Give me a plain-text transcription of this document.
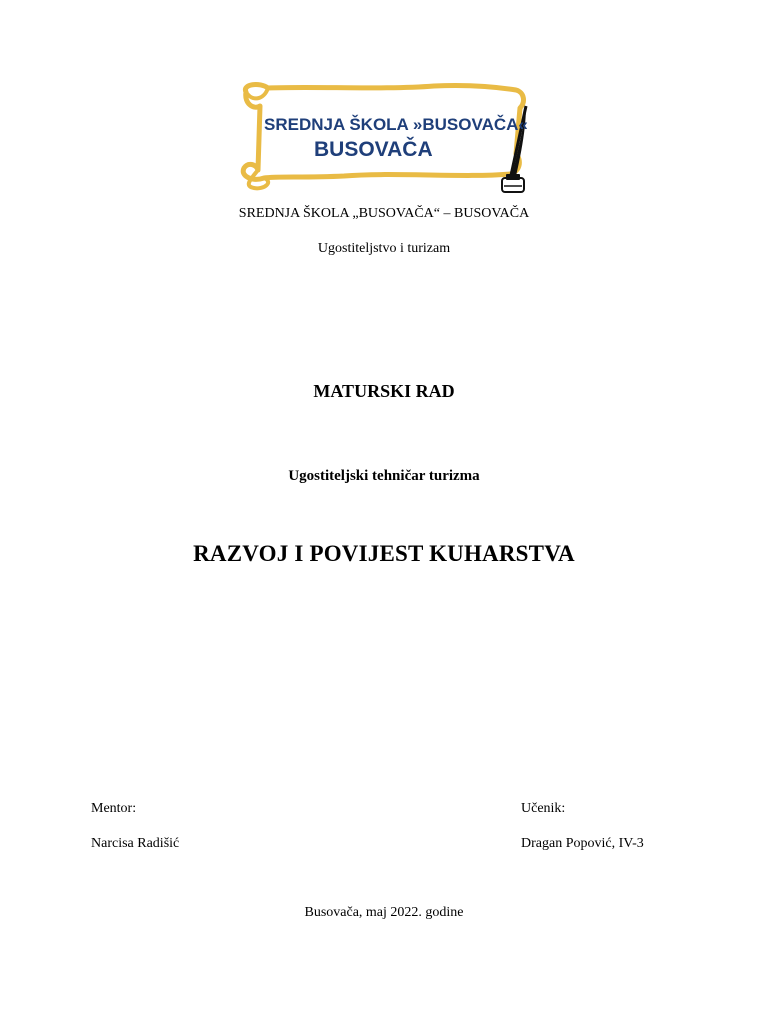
SREDNJA ŠKOLA »BUSOVAČA«
BUSOVAČA
SREDNJA ŠKOLA „BUSOVAČA“ – BUSOVAČA
Ugostiteljstvo i turizam
MATURSKI RAD
Ugostiteljski tehničar turizma
RAZVOJ I POVIJEST KUHARSTVA
Mentor:	Učenik:
Narcisa Radišić	Dragan Popović, IV-3
Busovača, maj 2022. godine
